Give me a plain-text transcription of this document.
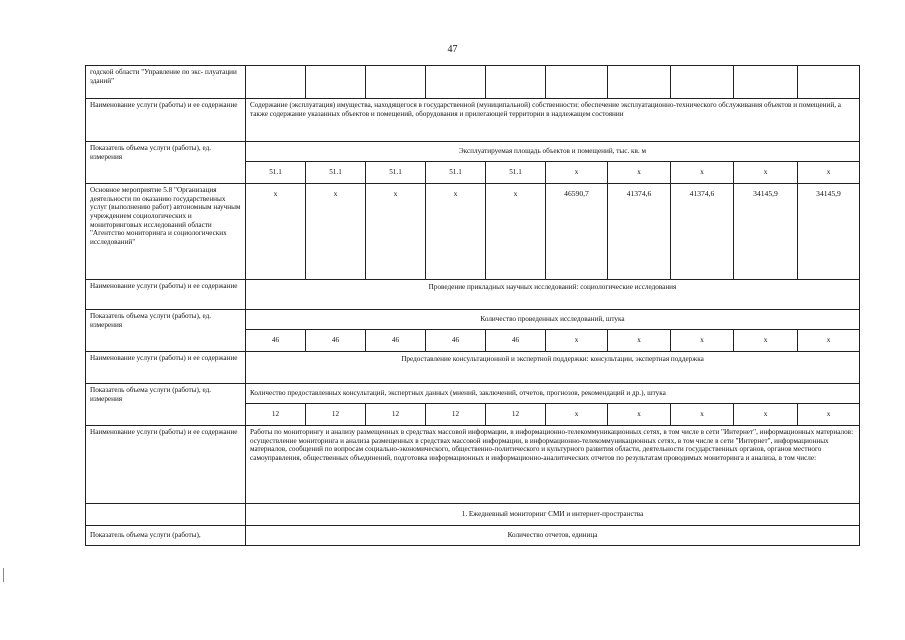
47
годской области "Управление по экс- плуатации зданий"										
Наименование услуги (работы) и ее содержание	Содержание (эксплуатация) имущества, находящегося в государственной (муниципальной) собственности: обеспечение эксплуатационно-технического обслуживания объектов и помещений, а также содержание указанных объектов и помещений, оборудования и прилегающей территории в надлежащем состоянии									
Показатель объема услуги (работы), ед. измерения	Эксплуатируемая площадь объектов и помещений, тыс. кв. м									
	51.1	51.1	51.1	51.1	51.1	x	x	x	x	x
Основное мероприятие 5.8 "Организация деятельности по оказанию государственных услуг (выполнению работ) автономным научным учреждением социологических и мониторинговых исследований области "Агентство мониторинга и социологических исследований"	x	x	x	x	x	46590,7	41374,6	41374,6	34145,9	34145,9
Наименование услуги (работы) и ее содержание	Проведение прикладных научных исследований: социологические исследования									
Показатель объема услуги (работы), ед. измерения	Количество проведенных исследований, штука									
	46	46	46	46	46	x	x	x	x	x
Наименование услуги (работы) и ее содержание	Предоставление консультационной и экспертной поддержки: консультации, экспертная поддержка									
Показатель объема услуги (работы), ед. измерения	Количество предоставленных консультаций, экспертных данных (мнений, заключений, отчетов, прогнозов, рекомендаций и др.), штука									
	12	12	12	12	12	x	x	x	x	x
Наименование услуги (работы) и ее содержание	Работы по мониторингу и анализу размещенных в средствах массовой информации, в информационно-телекоммуникационных сетях, в том числе в сети "Интернет", информационных материалов: осуществление мониторинга и анализа размещенных в средствах массовой информации, в информационно-телекоммуникационных сетях, в том числе в сети "Интернет", информационных материалов, сообщений по вопросам социально-экономического, общественно-политического и культурного развития области, деятельности государственных органов, органов местного самоуправления, общественных объединений, подготовка информационных и информационно-аналитических отчетов по результатам проводимых мониторинга и анализа, в том числе:									
	1. Ежедневный мониторинг СМИ и интернет-пространства									
Показатель объема услуги (работы),	Количество отчетов, единица									
